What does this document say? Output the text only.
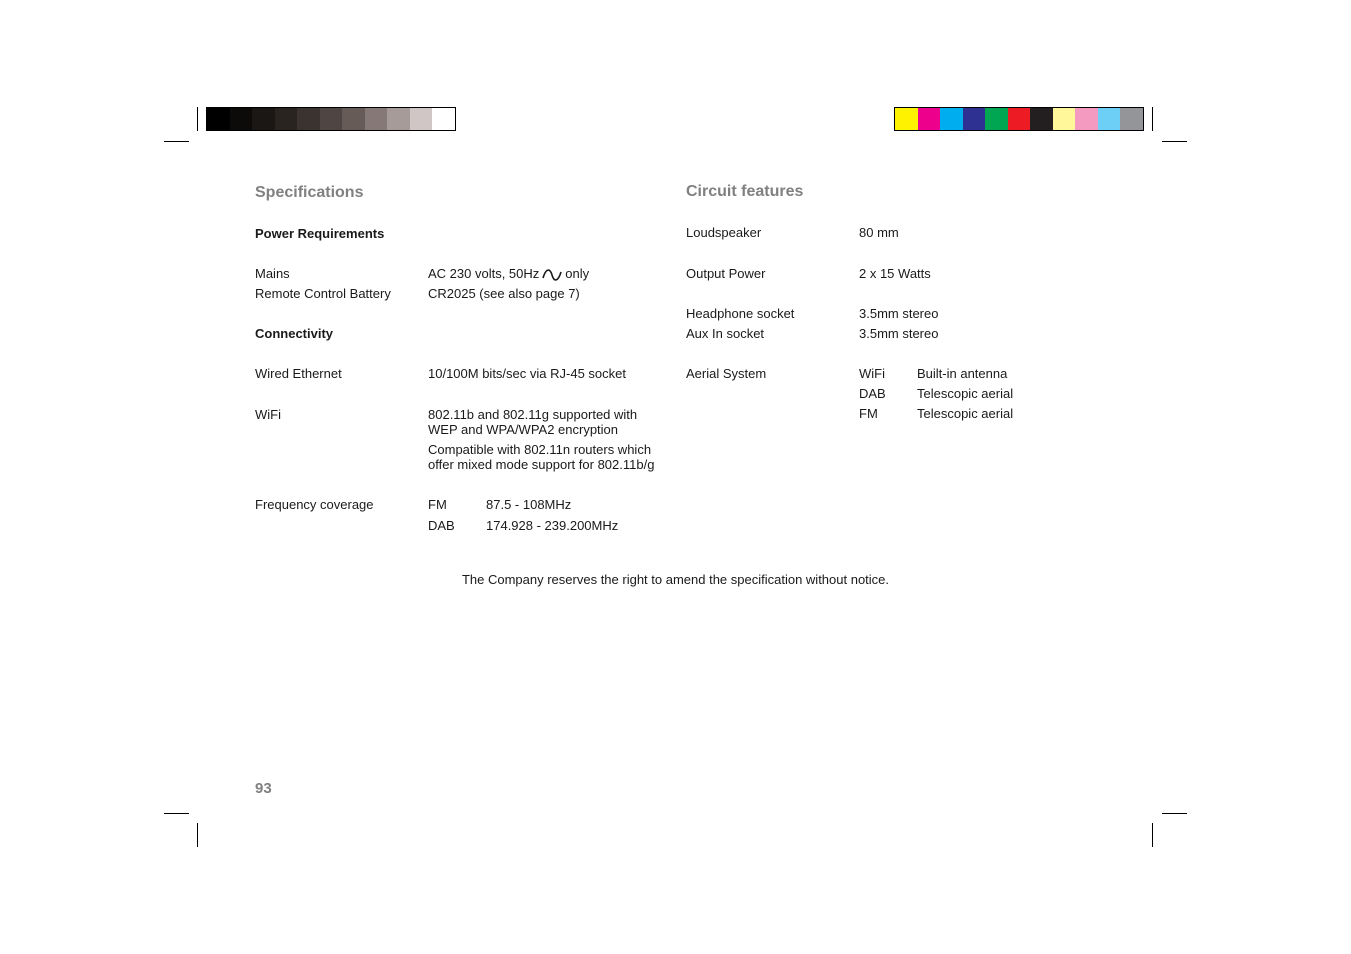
Specifications
Power Requirements
Mains	AC 230 volts, 50Hz only
Remote Control Battery	CR2025 (see also page 7)
Connectivity
Wired Ethernet	10/100M bits/sec via RJ-45 socket
WiFi	802.11b and 802.11g supported with
WEP and WPA/WPA2 encryption
Compatible with 802.11n routers which
offer mixed mode support for 802.11b/g
Frequency coverage	FM	87.5 - 108MHz
DAB 174.928 - 239.200MHz
Circuit features
Loudspeaker	80 mm
Output Power	2 x 15 Watts
Headphone socket	3.5mm stereo
Aux In socket	3.5mm stereo
Aerial System	WiFi Built-in antenna
DAB Telescopic aerial
FM	Telescopic aerial
The Company reserves the right to amend the specification without notice.
93
